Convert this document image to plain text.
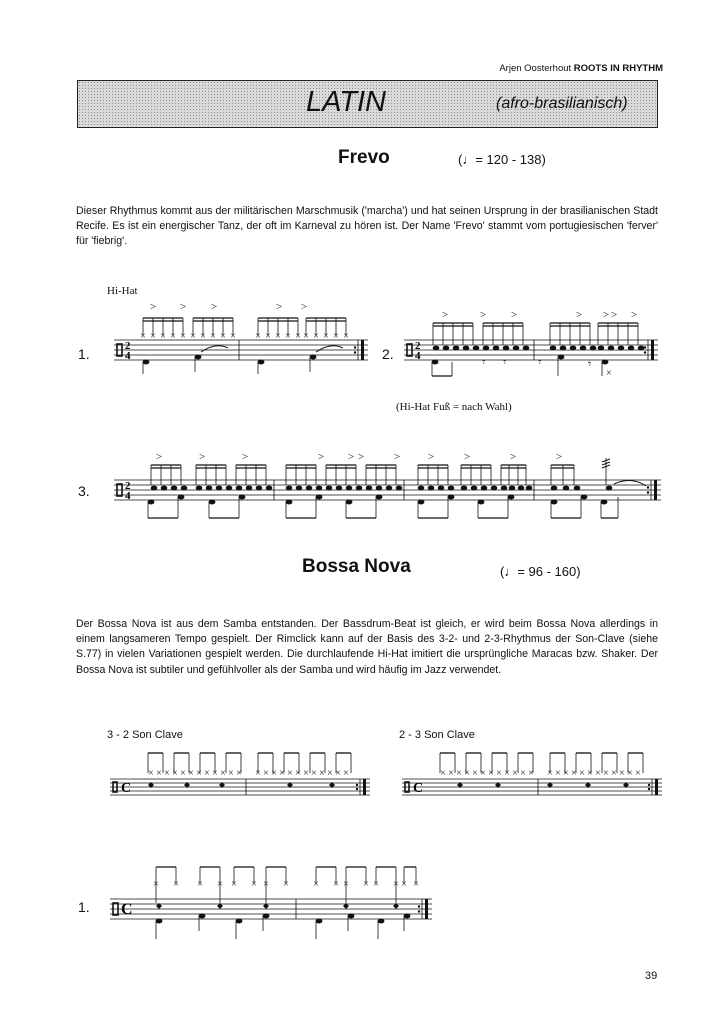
Arjen Oosterhout ROOTS IN RHYTHM
LATIN	(afro-brasilianisch)
Frevo	(♩= 120 - 138)
Dieser Rhythmus kommt aus der militärischen Marschmusik ('marcha') und hat seinen Ursprung in der brasilianischen Stadt Recife. Es ist ein energischer Tanz, der oft im Karneval zu hören ist. Der Name 'Frevo' stammt vom portugiesischen 'ferver' für 'fiebrig'.
Hi-Hat
1.	2.
(Hi-Hat Fuß = nach Wahl)
3.
2
4
> > >	> >
× × × × × × × × × × × × × × × × × × × ×
2
4
>	> >	> > > >
𝄾 𝄾	𝄾	𝄾
×
2
4
>	>	>	> > >	>	>	>	>	>
Bossa Nova	(♩= 96 - 160)
Der Bossa Nova ist aus dem Samba entstanden. Der Bassdrum-Beat ist gleich, er wird beim Bossa Nova allerdings in einem langsameren Tempo gespielt. Der Rimclick kann auf der Basis des 3-2- und 2-3-Rhythmus der Son-Clave (siehe S.77) in vielen Variationen gespielt werden. Die durchlaufende Hi-Hat imitiert die ursprüngliche Maracas bzw. Shaker. Der Bossa Nova ist subtiler und gefühlvoller als der Samba und wird häufig im Jazz verwendet.
3 - 2 Son Clave	2 - 3 Son Clave
1.
C
× × × × × × × × × × × × × × × × × × × × × × × ×
C
× × × × × × × × × × × × × × × × × × × × × × × ×
C
× × × × × × × × × × × × × × × ×
39
